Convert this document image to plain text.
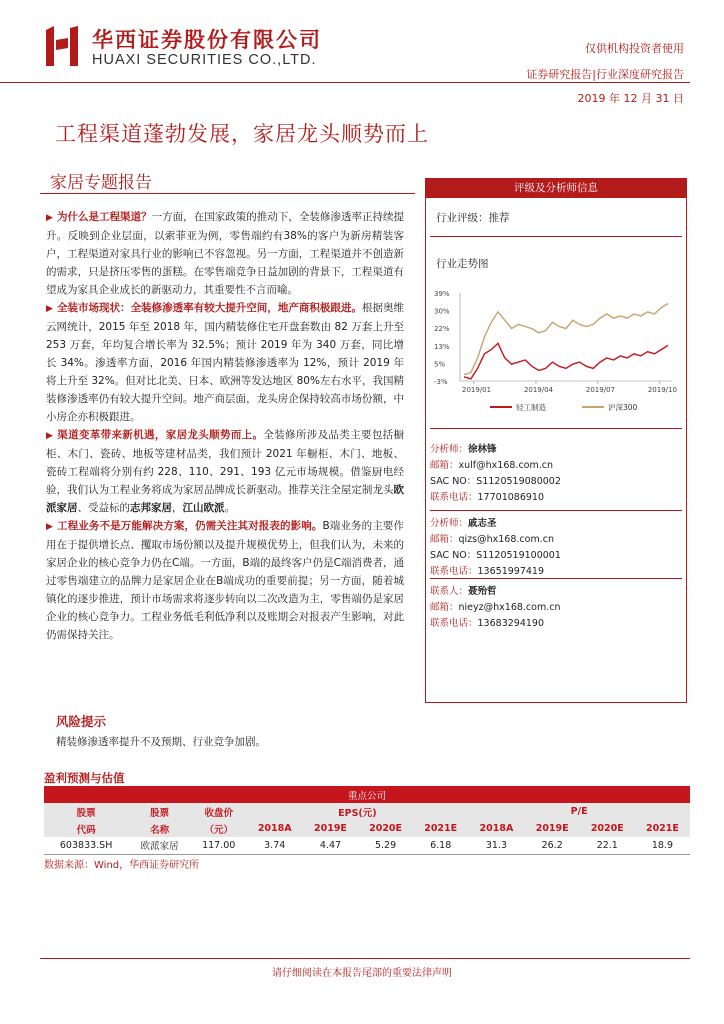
华西证券股份有限公司
HUAXI SECURITIES CO.,LTD.
仅供机构投资者使用
证券研究报告|行业深度研究报告
2019 年 12 月 31 日
工程渠道蓬勃发展，家居龙头顺势而上
家居专题报告

▶ 为什么是工程渠道？一方面，在国家政策的推动下，全装修渗透率正持续提升。反映到企业层面，以索菲亚为例，零售端约有38%的客户为新房精装客户，工程渠道对家具行业的影响已不容忽视。另一方面，工程渠道并不创造新的需求，只是挤压零售的蛋糕。在零售端竞争日益加剧的背景下，工程渠道有望成为家具企业成长的新驱动力，其重要性不言而喻。

▶ 全装市场现状：全装修渗透率有较大提升空间，地产商积极跟进。根据奥维云网统计，2015 年至 2018 年，国内精装修住宅开盘套数由 82 万套上升至 253 万套，年均复合增长率为 32.5%；预计 2019 年为 340 万套，同比增长 34%。渗透率方面，2016 年国内精装修渗透率为 12%，预计 2019 年将上升至 32%。但对比北美、日本、欧洲等发达地区 80%左右水平，我国精装修渗透率仍有较大提升空间。地产商层面，龙头房企保持较高市场份额，中小房企亦积极跟进。

▶ 渠道变革带来新机遇，家居龙头顺势而上。全装修所涉及品类主要包括橱柜、木门、瓷砖、地板等建材品类，我们预计 2021 年橱柜、木门、地板、瓷砖工程端将分别有约 228、110、291、193 亿元市场规模。借鉴厨电经验，我们认为工程业务将成为家居品牌成长新驱动。推荐关注全屋定制龙头欧派家居、受益标的志邦家居，江山欧派。

▶ 工程业务不是万能解决方案，仍需关注其对报表的影响。B端业务的主要作用在于提供增长点、攫取市场份额以及提升规模优势上，但我们认为，未来的家居企业的核心竞争力仍在C端。一方面，B端的最终客户仍是C端消费者，通过零售端建立的品牌力是家居企业在B端成功的重要前提；另一方面，随着城镇化的逐步推进，预计市场需求将逐步转向以二次改造为主，零售端仍是家居企业的核心竞争力。工程业务低毛利低净利以及账期会对报表产生影响，对此仍需保持关注。

风险提示
精装修渗透率提升不及预期、行业竞争加剧。
评级及分析师信息
行业评级：推荐
行业走势图
39%
30%
22%
13%
5%
-3%
2019/01	2019/04	2019/07	2019/10
轻工制造	沪深300
分析师：徐林锋
邮箱：xulf@hx168.com.cn
SAC NO：S1120519080002
联系电话：17701086910
分析师：戚志圣
邮箱：qizs@hx168.com.cn
SAC NO：S1120519100001
联系电话：13651997419
联系人：聂殆哲
邮箱：nieyz@hx168.com.cn
联系电话：13683294190
盈利预测与估值
重点公司										
股票	股票	收盘价	EPS(元)				P/E			
代码	名称	（元）	2018A	2019E	2020E	2021E	2018A	2019E	2020E	2021E
603833.SH	欧派家居	117.00	3.74	4.47	5.29	6.18	31.3	26.2	22.1	18.9
数据来源：Wind，华西证券研究所
请仔细阅读在本报告尾部的重要法律声明
